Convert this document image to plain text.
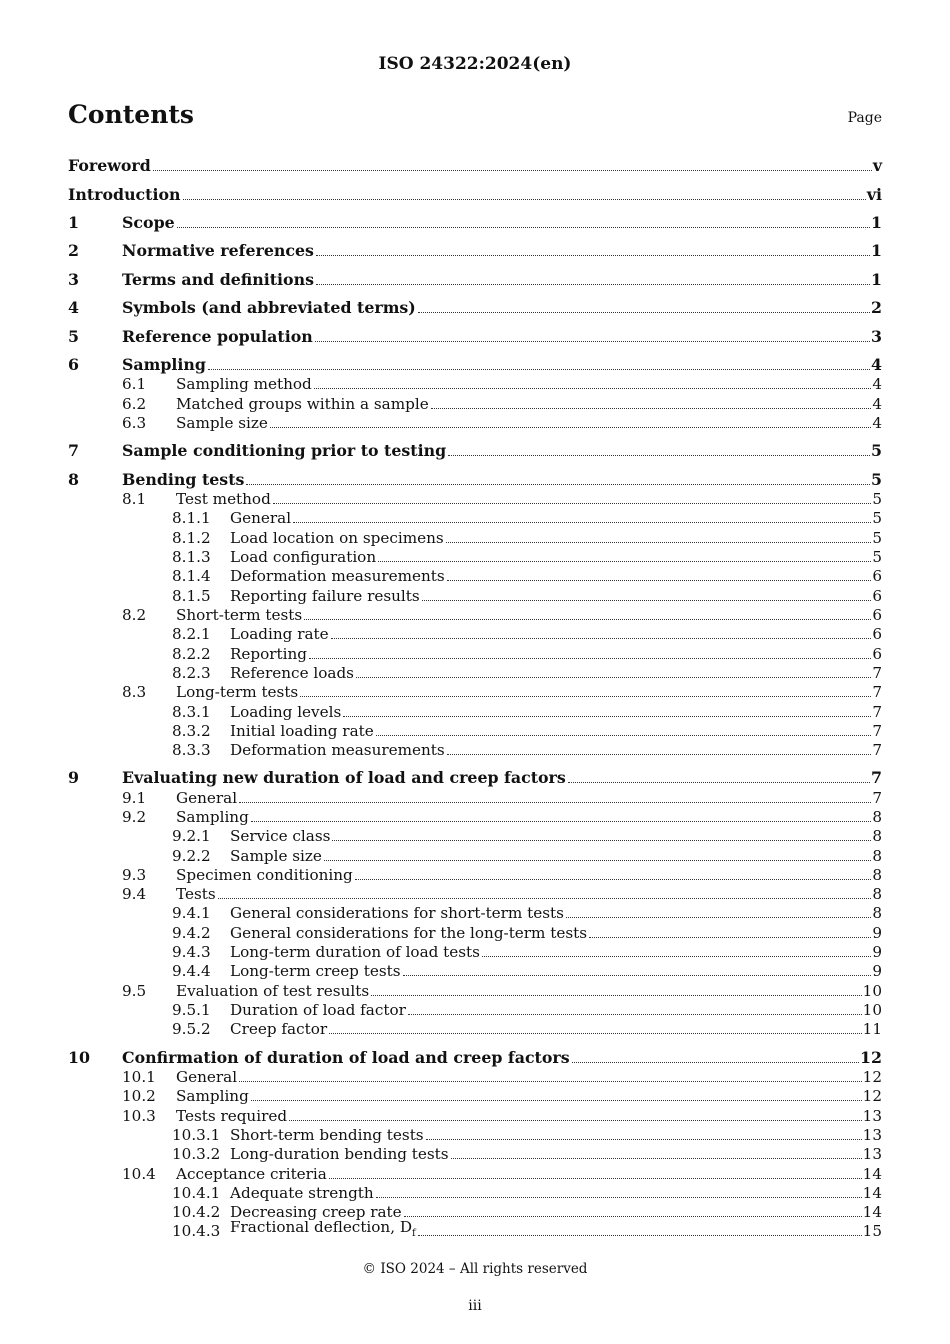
ISO 24322:2024(en)
Contents	Page
Foreword	v
Introduction	vi
1	Scope	1
2	Normative references	1
3	Terms and definitions	1
4	Symbols (and abbreviated terms)	2
5	Reference population	3
6	Sampling	4
6.1	Sampling method	4
6.2	Matched groups within a sample	4
6.3	Sample size	4
7	Sample conditioning prior to testing	5
8	Bending tests	5
8.1	Test method	5
8.1.1	General	5
8.1.2	Load location on specimens	5
8.1.3	Load configuration	5
8.1.4	Deformation measurements	6
8.1.5	Reporting failure results	6
8.2	Short-term tests	6
8.2.1	Loading rate	6
8.2.2	Reporting	6
8.2.3	Reference loads	7
8.3	Long-term tests	7
8.3.1	Loading levels	7
8.3.2	Initial loading rate	7
8.3.3	Deformation measurements	7
9	Evaluating new duration of load and creep factors	7
9.1	General	7
9.2	Sampling	8
9.2.1	Service class	8
9.2.2	Sample size	8
9.3	Specimen conditioning	8
9.4	Tests	8
9.4.1	General considerations for short-term tests	8
9.4.2	General considerations for the long-term tests	9
9.4.3	Long-term duration of load tests	9
9.4.4	Long-term creep tests	9
9.5	Evaluation of test results	10
9.5.1	Duration of load factor	10
9.5.2	Creep factor	11
10	Confirmation of duration of load and creep factors	12
10.1	General	12
10.2	Sampling	12
10.3	Tests required	13
10.3.1 Short-term bending tests	13
10.3.2 Long-duration bending tests	13
10.4	Acceptance criteria	14
10.4.1 Adequate strength	14
10.4.2 Decreasing creep rate	14
10.4.3 Fractional deflection, $D_f$	15
© ISO 2024 – All rights reserved
iii
